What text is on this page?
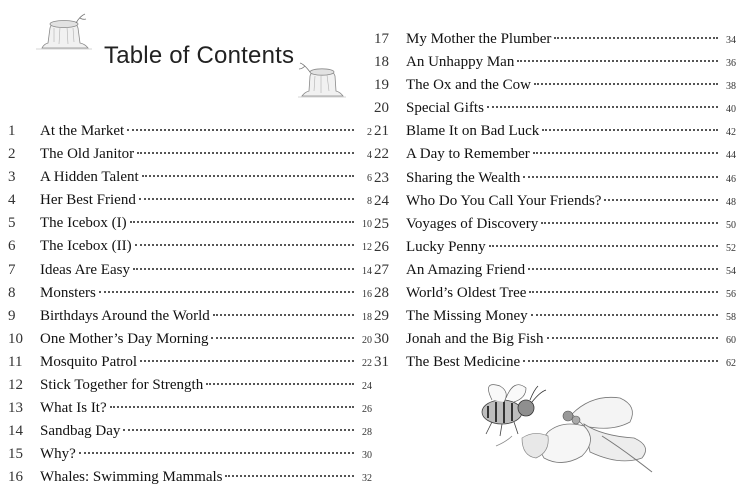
Table of Contents
1	At the Market	2
2	The Old Janitor	4
3	A Hidden Talent	6
4	Her Best Friend	8
5	The Icebox (I)	10
6	The Icebox (II)	12
7	Ideas Are Easy	14
8	Monsters	16
9	Birthdays Around the World	18
10	One Mother’s Day Morning	20
11	Mosquito Patrol	22
12	Stick Together for Strength	24
13	What Is It?	26
14	Sandbag Day	28
15	Why?	30
16	Whales: Swimming Mammals	32
17	My Mother the Plumber	34
18	An Unhappy Man	36
19	The Ox and the Cow	38
20	Special Gifts	40
21	Blame It on Bad Luck	42
22	A Day to Remember	44
23	Sharing the Wealth	46
24	Who Do You Call Your Friends?	48
25	Voyages of Discovery	50
26	Lucky Penny	52
27	An Amazing Friend	54
28	World’s Oldest Tree	56
29	The Missing Money	58
30	Jonah and the Big Fish	60
31	The Best Medicine	62
